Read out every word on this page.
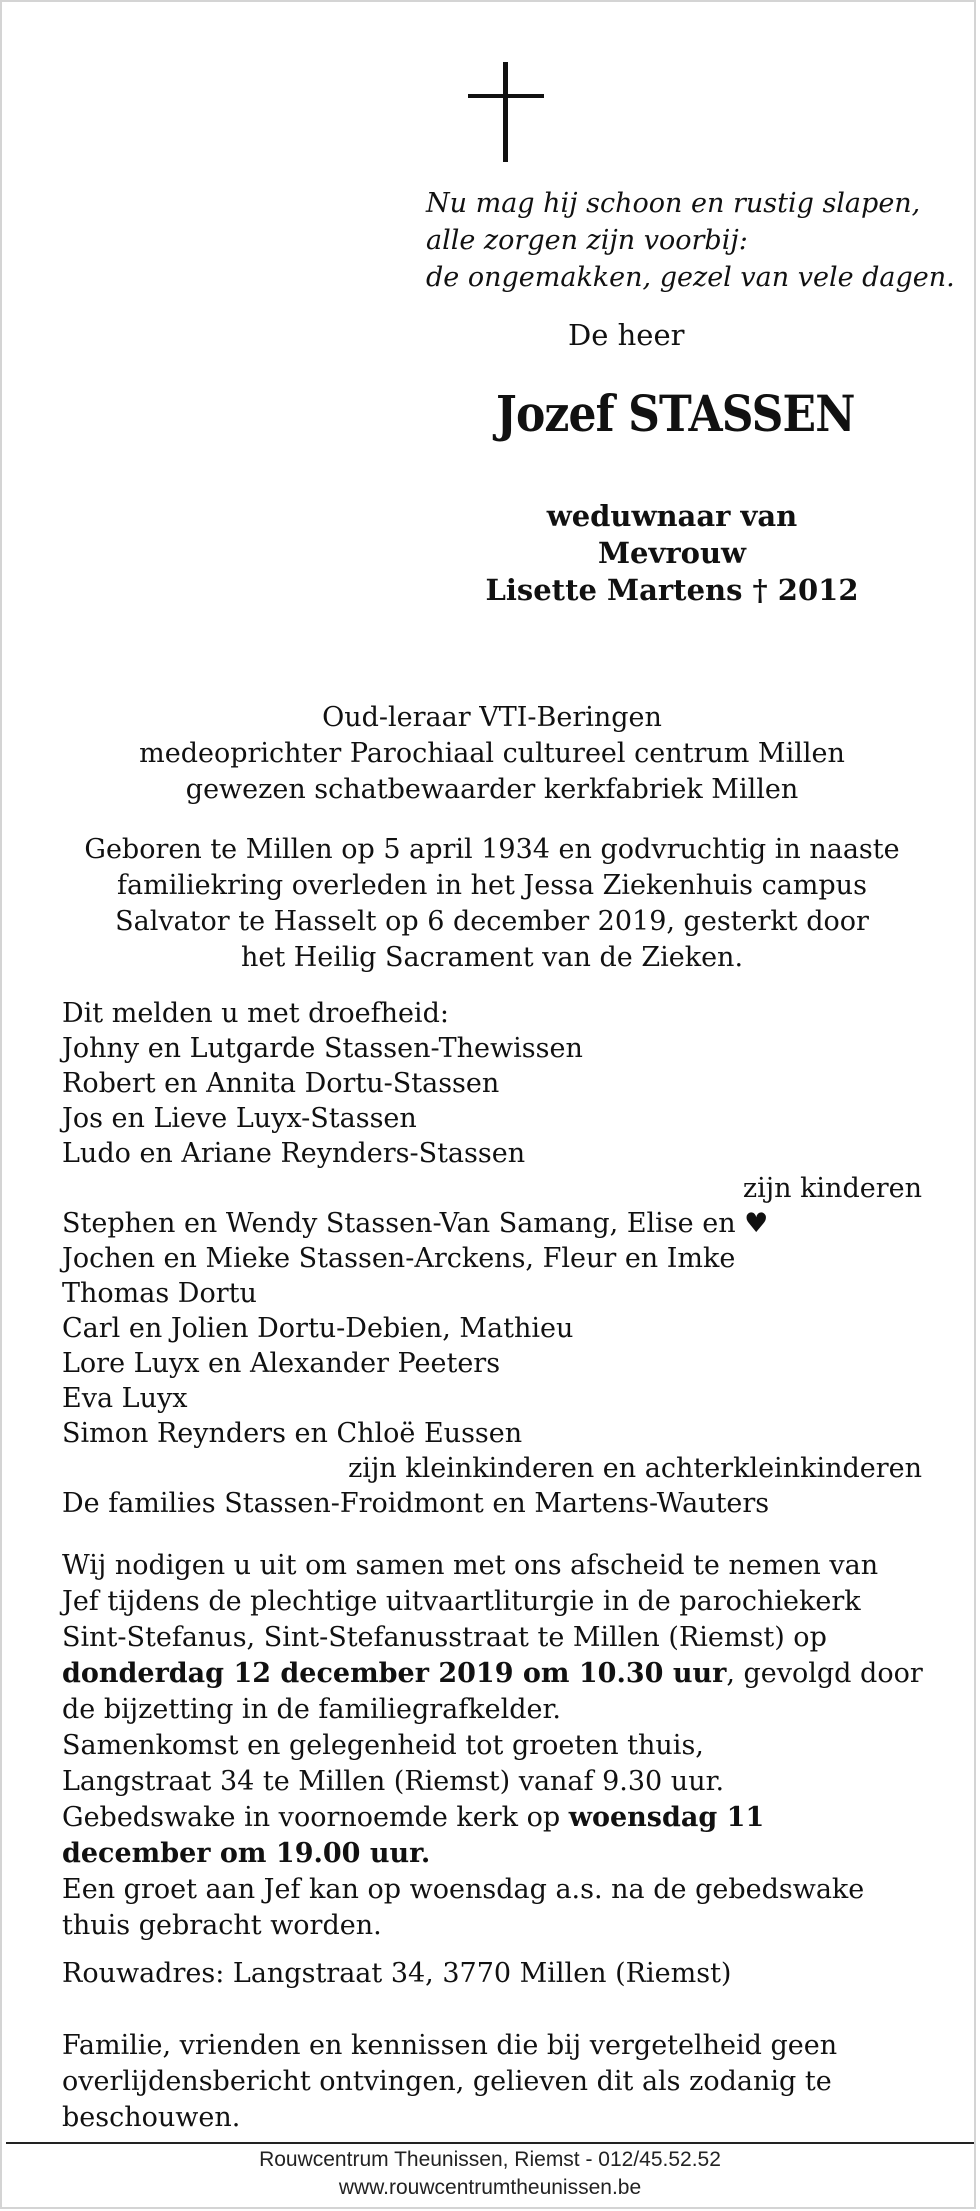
Nu mag hij schoon en rustig slapen,
alle zorgen zijn voorbij:
de ongemakken, gezel van vele dagen.
De heer
Jozef STASSEN
weduwnaar van
Mevrouw
Lisette Martens † 2012
Oud-leraar VTI-Beringen
medeoprichter Parochiaal cultureel centrum Millen
gewezen schatbewaarder kerkfabriek Millen
Geboren te Millen op 5 april 1934 en godvruchtig in naaste
familiekring overleden in het Jessa Ziekenhuis campus
Salvator te Hasselt op 6 december 2019, gesterkt door
het Heilig Sacrament van de Zieken.
Dit melden u met droefheid:
Johny en Lutgarde Stassen-Thewissen
Robert en Annita Dortu-Stassen
Jos en Lieve Luyx-Stassen
Ludo en Ariane Reynders-Stassen
zijn kinderen
Stephen en Wendy Stassen-Van Samang, Elise en ♥
Jochen en Mieke Stassen-Arckens, Fleur en Imke
Thomas Dortu
Carl en Jolien Dortu-Debien, Mathieu
Lore Luyx en Alexander Peeters
Eva Luyx
Simon Reynders en Chloë Eussen
zijn kleinkinderen en achterkleinkinderen
De families Stassen-Froidmont en Martens-Wauters
Wij nodigen u uit om samen met ons afscheid te nemen van
Jef tijdens de plechtige uitvaartliturgie in de parochiekerk
Sint-Stefanus, Sint-Stefanusstraat te Millen (Riemst) op
donderdag 12 december 2019 om 10.30 uur, gevolgd door
de bijzetting in de familiegrafkelder.
Samenkomst en gelegenheid tot groeten thuis,
Langstraat 34 te Millen (Riemst) vanaf 9.30 uur.
Gebedswake in voornoemde kerk op woensdag 11
december om 19.00 uur.
Een groet aan Jef kan op woensdag a.s. na de gebedswake
thuis gebracht worden.
Rouwadres: Langstraat 34, 3770 Millen (Riemst)
Familie, vrienden en kennissen die bij vergetelheid geen
overlijdensbericht ontvingen, gelieven dit als zodanig te
beschouwen.
Rouwcentrum Theunissen, Riemst - 012/45.52.52
www.rouwcentrumtheunissen.be
